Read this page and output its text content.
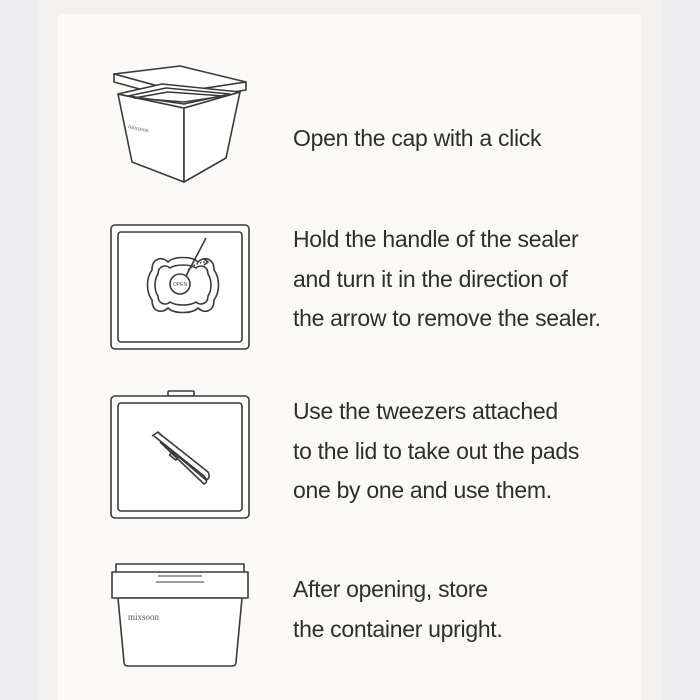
mixsoon	Open the cap with a click
OPEN
Hold the handle of the sealer
and turn it in the direction of
the arrow to remove the sealer.
Use the tweezers attached
to the lid to take out the pads
one by one and use them.
mixsoon
After opening, store
the container upright.
